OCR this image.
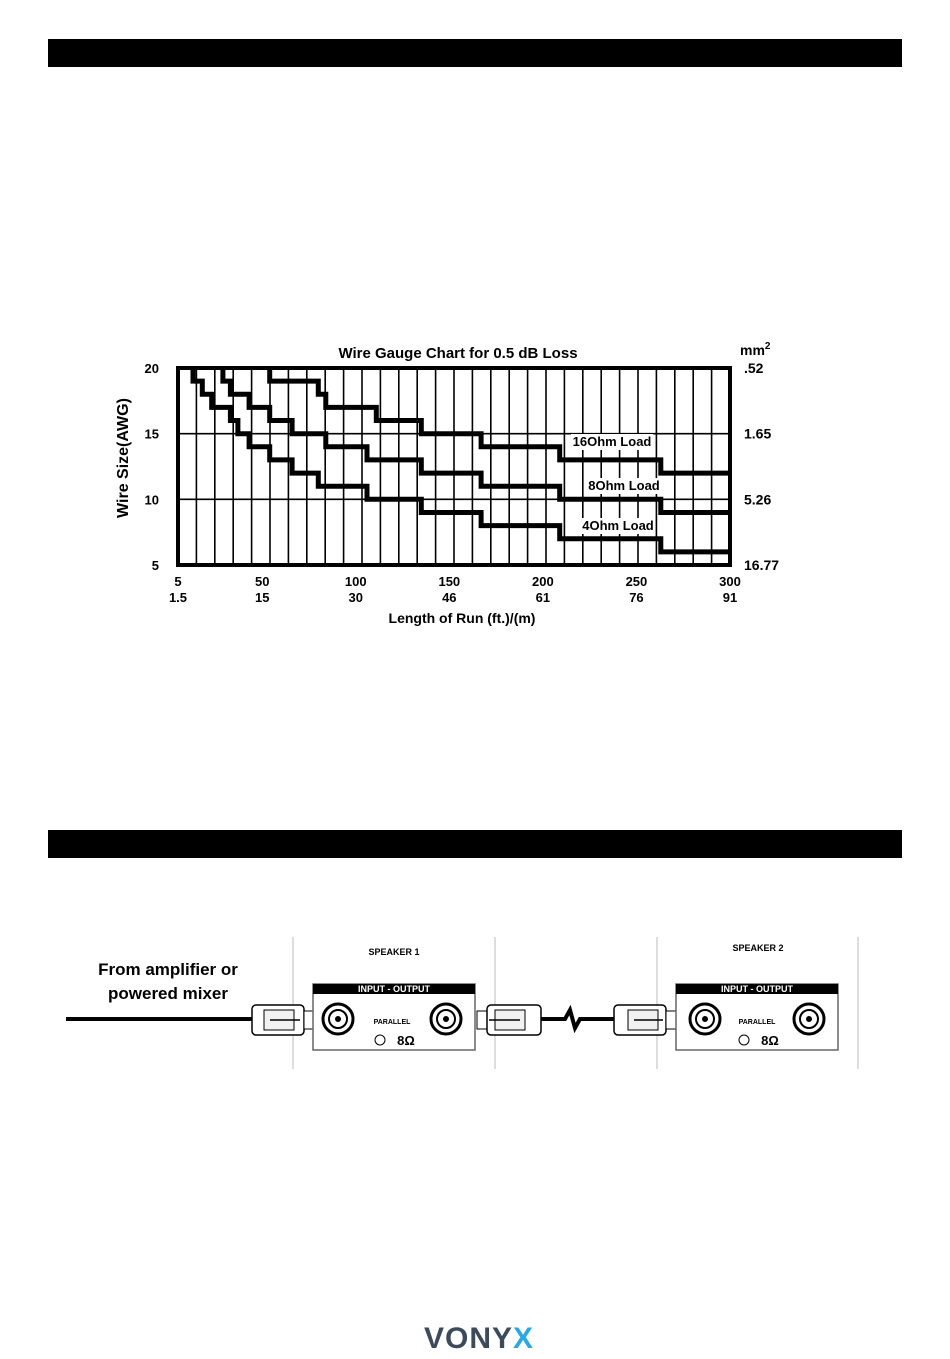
Wire Gauge Chart for 0.5 dB Loss	$mm^2$
20
15
10
5
.52
1.65
5.26
16.77
5
1.5
50
15
100
30
150
46
200
61
250
76
300
91
16Ohm Load
8Ohm Load
4Ohm Load
Length of Run (ft.)/(m)
Wire Size(AWG)
From amplifier or
powered mixer
SPEAKER 1
INPUT - OUTPUT
PARALLEL
8Ω
SPEAKER 2
INPUT - OUTPUT
PARALLEL
8Ω
VONYX
